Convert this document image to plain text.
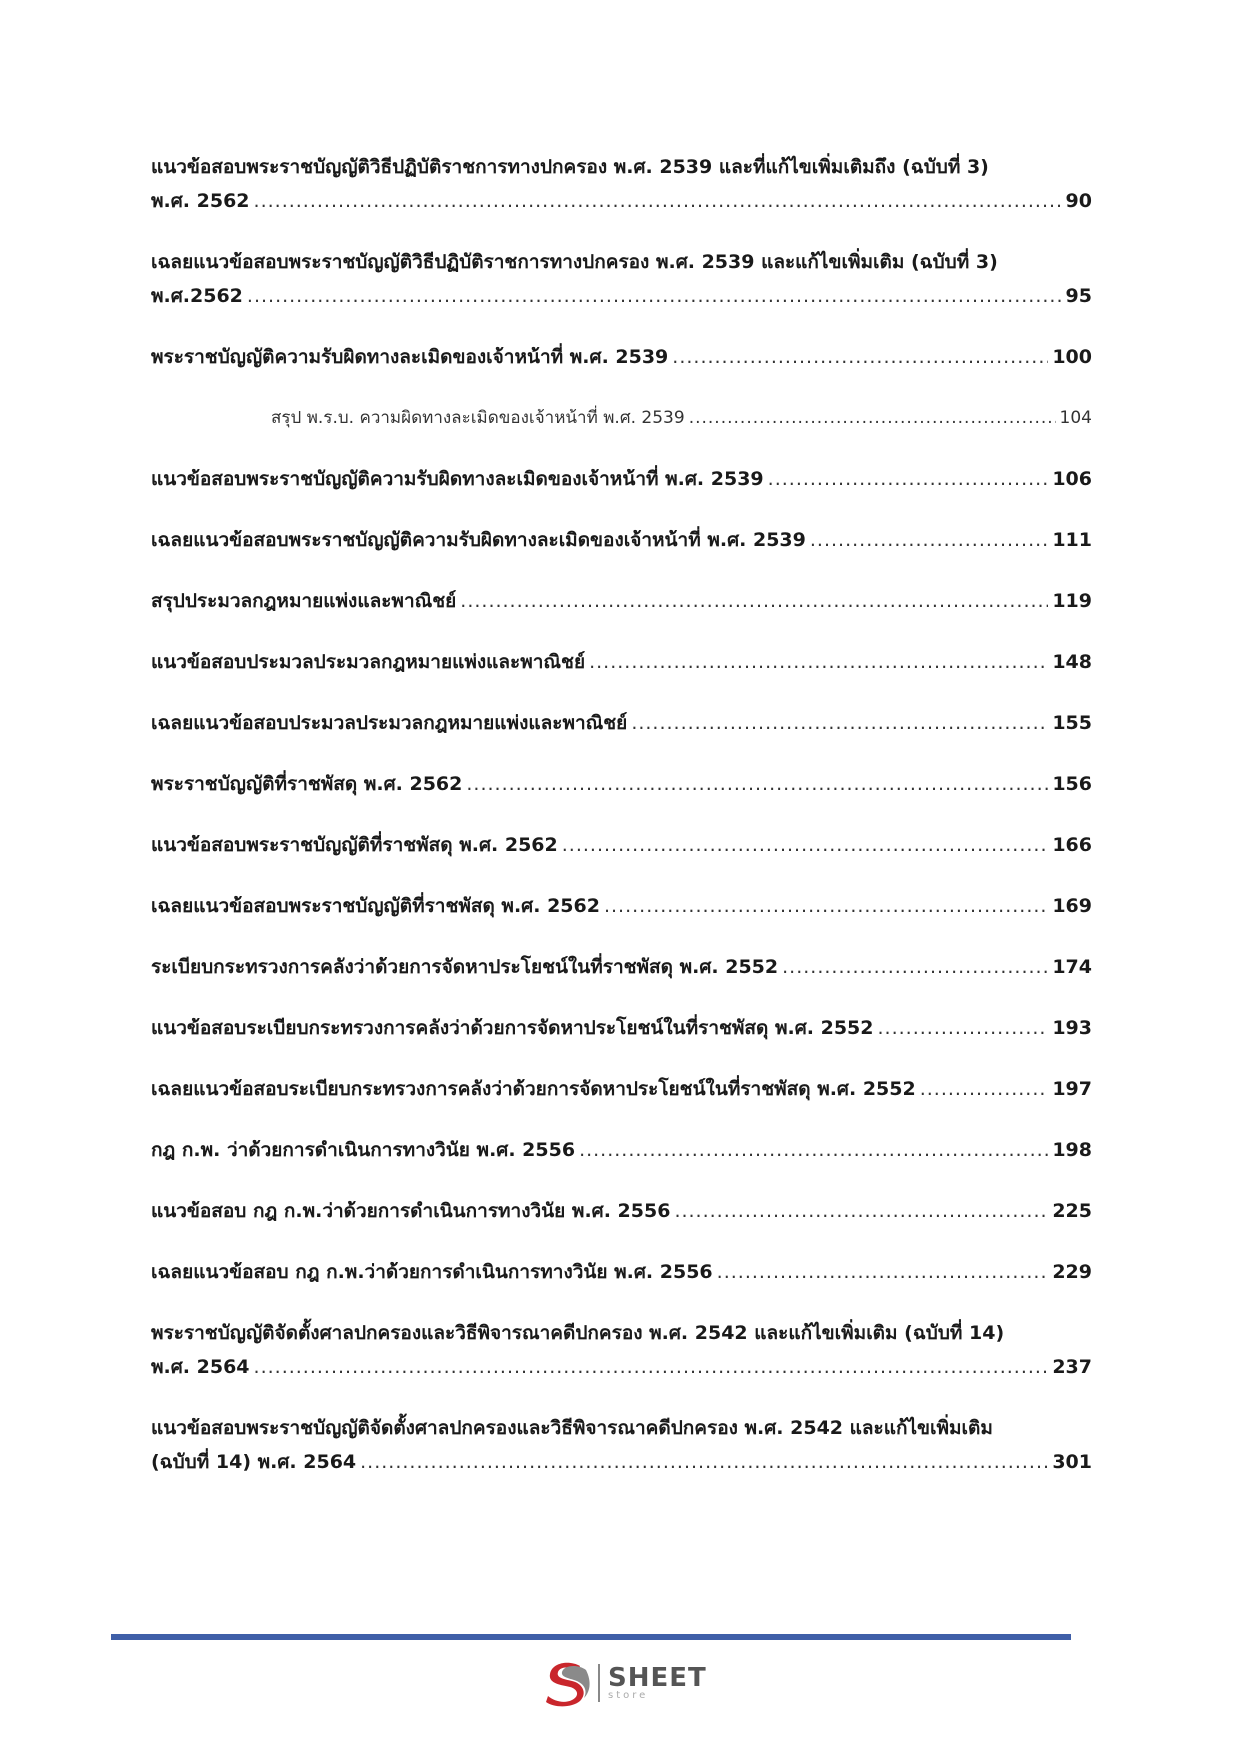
แนวข้อสอบพระราชบัญญัติวิธีปฏิบัติราชการทางปกครอง พ.ศ. 2539 และที่แก้ไขเพิ่มเติมถึง (ฉบับที่ 3)
พ.ศ. 2562 .....	90
เฉลยแนวข้อสอบพระราชบัญญัติวิธีปฏิบัติราชการทางปกครอง พ.ศ. 2539 และแก้ไขเพิ่มเติม (ฉบับที่ 3)
พ.ศ.2562 .....	95
พระราชบัญญัติความรับผิดทางละเมิดของเจ้าหน้าที่ พ.ศ. 2539 .....	100
สรุป พ.ร.บ. ความผิดทางละเมิดของเจ้าหน้าที่ พ.ศ. 2539 .....	104
แนวข้อสอบพระราชบัญญัติความรับผิดทางละเมิดของเจ้าหน้าที่ พ.ศ. 2539 .....	106
เฉลยแนวข้อสอบพระราชบัญญัติความรับผิดทางละเมิดของเจ้าหน้าที่ พ.ศ. 2539 .....	111
สรุปประมวลกฎหมายแพ่งและพาณิชย์ .....	119
แนวข้อสอบประมวลประมวลกฎหมายแพ่งและพาณิชย์ .....	148
เฉลยแนวข้อสอบประมวลประมวลกฎหมายแพ่งและพาณิชย์ .....	155
พระราชบัญญัติที่ราชพัสดุ พ.ศ. 2562 .....	156
แนวข้อสอบพระราชบัญญัติที่ราชพัสดุ พ.ศ. 2562 .....	166
เฉลยแนวข้อสอบพระราชบัญญัติที่ราชพัสดุ พ.ศ. 2562 .....	169
ระเบียบกระทรวงการคลังว่าด้วยการจัดหาประโยชน์ในที่ราชพัสดุ พ.ศ. 2552 .....	174
แนวข้อสอบระเบียบกระทรวงการคลังว่าด้วยการจัดหาประโยชน์ในที่ราชพัสดุ พ.ศ. 2552 .....	193
เฉลยแนวข้อสอบระเบียบกระทรวงการคลังว่าด้วยการจัดหาประโยชน์ในที่ราชพัสดุ พ.ศ. 2552 .....	197
กฎ ก.พ. ว่าด้วยการดำเนินการทางวินัย พ.ศ. 2556 .....	198
แนวข้อสอบ กฎ ก.พ.ว่าด้วยการดำเนินการทางวินัย พ.ศ. 2556 .....	225
เฉลยแนวข้อสอบ กฎ ก.พ.ว่าด้วยการดำเนินการทางวินัย พ.ศ. 2556 .....	229
พระราชบัญญัติจัดตั้งศาลปกครองและวิธีพิจารณาคดีปกครอง พ.ศ. 2542 และแก้ไขเพิ่มเติม (ฉบับที่ 14)
พ.ศ. 2564 .....	237
แนวข้อสอบพระราชบัญญัติจัดตั้งศาลปกครองและวิธีพิจารณาคดีปกครอง พ.ศ. 2542 และแก้ไขเพิ่มเติม
(ฉบับที่ 14) พ.ศ. 2564 .....	301
SHEET
store
